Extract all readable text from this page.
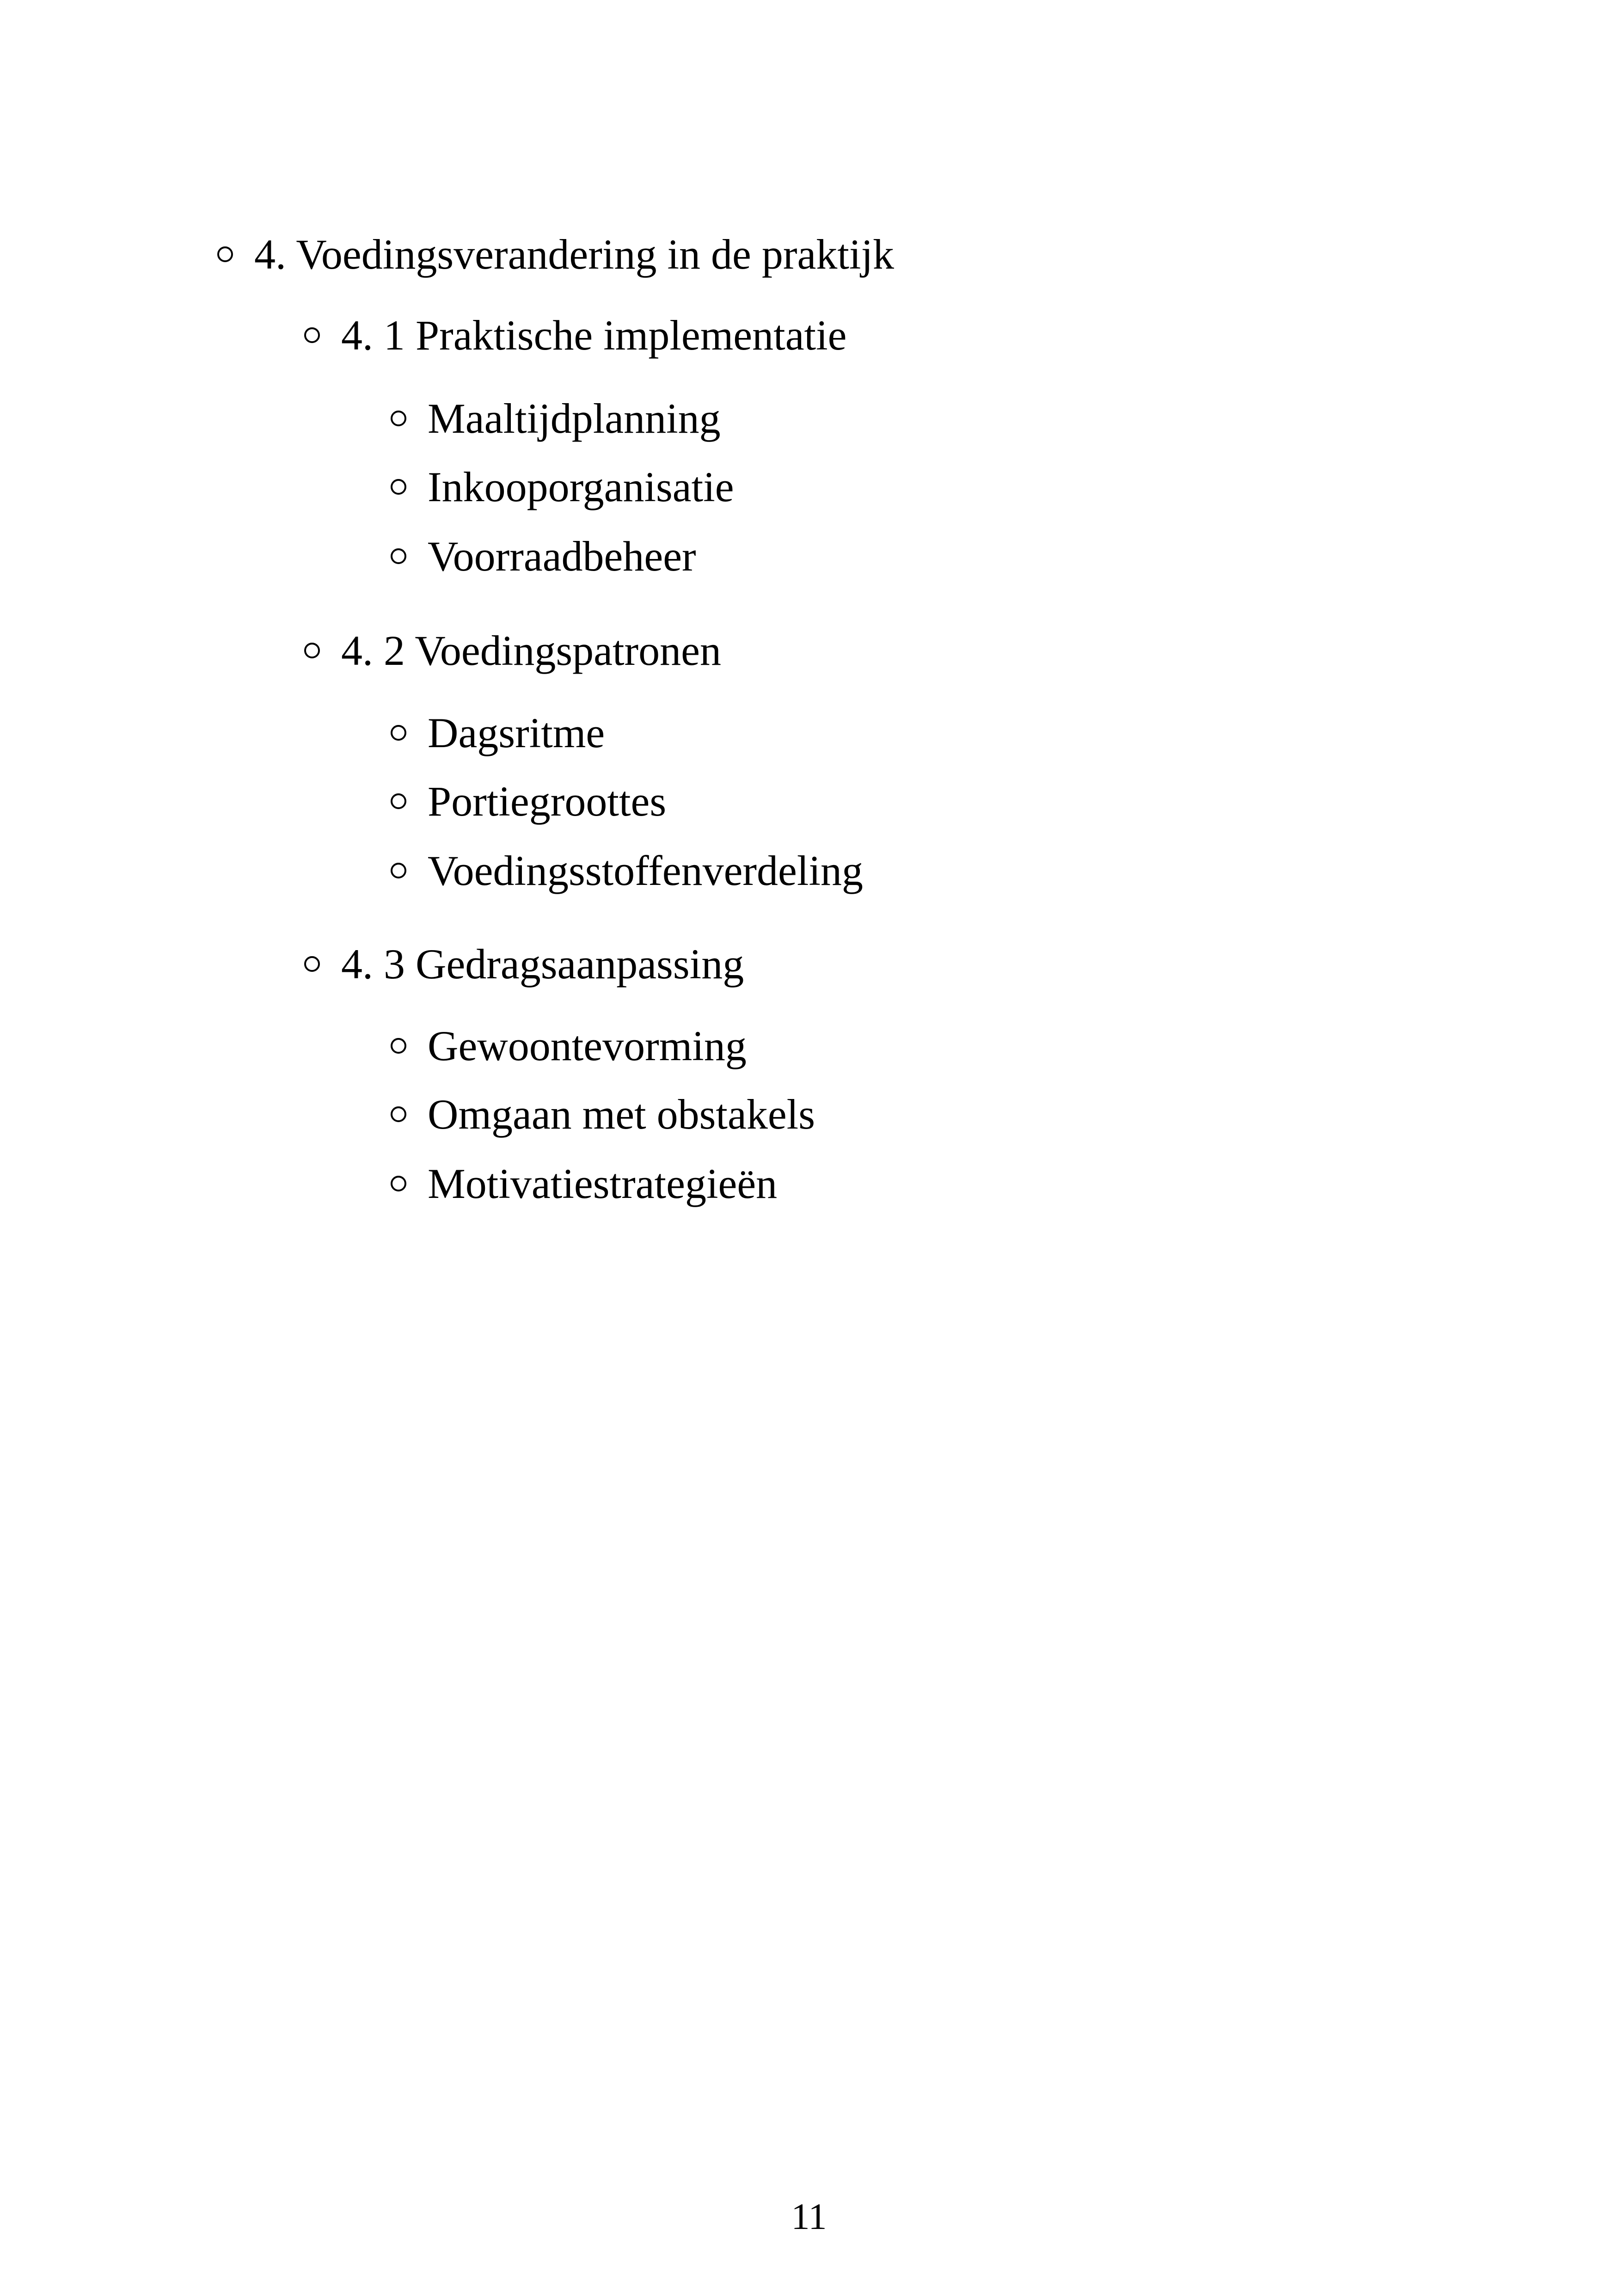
4. Voedingsverandering in de praktijk
4. 1 Praktische implementatie
Maaltijdplanning
Inkooporganisatie
Voorraadbeheer
4. 2 Voedingspatronen
Dagsritme
Portiegroottes
Voedingsstoffenverdeling
4. 3 Gedragsaanpassing
Gewoontevorming
Omgaan met obstakels
Motivatiestrategieën
11
